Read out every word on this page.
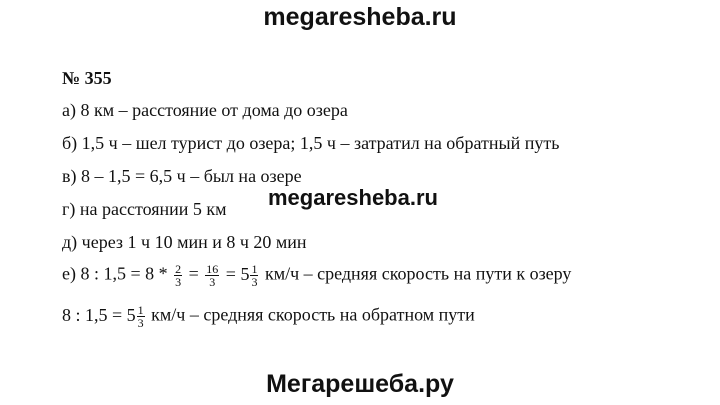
megaresheba.ru
№ 355
а) 8 км – расстояние от дома до озера
б) 1,5 ч – шел турист до озера; 1,5 ч – затратил на обратный путь
в) 8 – 1,5 = 6,5 ч – был на озере
г) на расстоянии 5 км
д) через 1 ч 10 мин и 8 ч 20 мин
megaresheba.ru
е) 8 : $1,5 = 8 * \frac{2}{3} = \frac{16}{3} = 5 \frac{1}{3} км/ч$ – средняя скорость на пути к озеру
8 : $1,5 = 5 \frac{1}{3} км/ч$ – средняя скорость на обратном пути
Мегарешеба.ру
